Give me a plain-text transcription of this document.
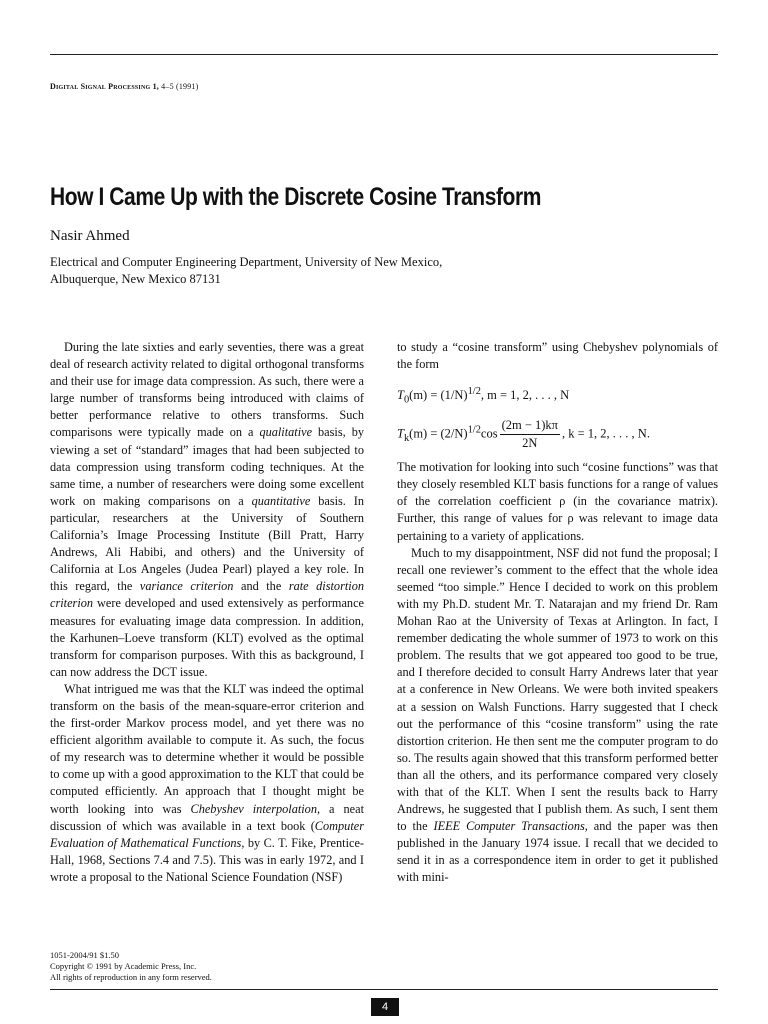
Digital Signal Processing 1, 4–5 (1991)
How I Came Up with the Discrete Cosine Transform
Nasir Ahmed
Electrical and Computer Engineering Department, University of New Mexico,
Albuquerque, New Mexico 87131

During the late sixties and early seventies, there was a great deal of research activity related to digital orthogonal transforms and their use for image data compression. As such, there were a large number of transforms being introduced with claims of better performance relative to others transforms. Such comparisons were typically made on a qualitative basis, by viewing a set of “standard” images that had been subjected to data compression using transform coding techniques. At the same time, a number of researchers were doing some excellent work on making comparisons on a quantitative basis. In particular, researchers at the University of Southern California’s Image Processing Institute (Bill Pratt, Harry Andrews, Ali Habibi, and others) and the University of California at Los Angeles (Judea Pearl) played a key role. In this regard, the variance criterion and the rate distortion criterion were developed and used extensively as performance measures for evaluating image data compression. In addition, the Karhunen–Loeve transform (KLT) evolved as the optimal transform for comparison purposes. With this as background, I can now address the DCT issue.

What intrigued me was that the KLT was indeed the optimal transform on the basis of the mean-square-error criterion and the first-order Markov process model, and yet there was no efficient algorithm available to compute it. As such, the focus of my research was to determine whether it would be possible to come up with a good approximation to the KLT that could be computed efficiently. An approach that I thought might be worth looking into was Chebyshev interpolation, a neat discussion of which was available in a text book (Computer Evaluation of Mathematical Functions, by C. T. Fike, Prentice-Hall, 1968, Sections 7.4 and 7.5). This was in early 1972, and I wrote a proposal to the National Science Foundation (NSF)

to study a “cosine transform” using Chebyshev polynomials of the form

$T_0(m) = (1/N)^{1/2}$, m = 1, 2, . . . , N
$T_k(m) = (2/N)^{1/2}\cos \frac{(2m - 1)k\pi}{2N}$ , k = 1, 2, . . . , N.

The motivation for looking into such “cosine functions” was that they closely resembled KLT basis functions for a range of values of the correlation coefficient ρ (in the covariance matrix). Further, this range of values for ρ was relevant to image data pertaining to a variety of applications.

Much to my disappointment, NSF did not fund the proposal; I recall one reviewer’s comment to the effect that the whole idea seemed “too simple.” Hence I decided to work on this problem with my Ph.D. student Mr. T. Natarajan and my friend Dr. Ram Mohan Rao at the University of Texas at Arlington. In fact, I remember dedicating the whole summer of 1973 to work on this problem. The results that we got appeared too good to be true, and I therefore decided to consult Harry Andrews later that year at a conference in New Orleans. We were both invited speakers at a session on Walsh Functions. Harry suggested that I check out the performance of this “cosine transform” using the rate distortion criterion. He then sent me the computer program to do so. The results again showed that this transform performed better than all the others, and its performance compared very closely with that of the KLT. When I sent the results back to Harry Andrews, he suggested that I publish them. As such, I sent them to the IEEE Computer Transactions, and the paper was then published in the January 1974 issue. I recall that we decided to send it in as a correspondence item in order to get it published with mini-

1051-2004/91 $1.50
Copyright © 1991 by Academic Press, Inc.
All rights of reproduction in any form reserved.
4
